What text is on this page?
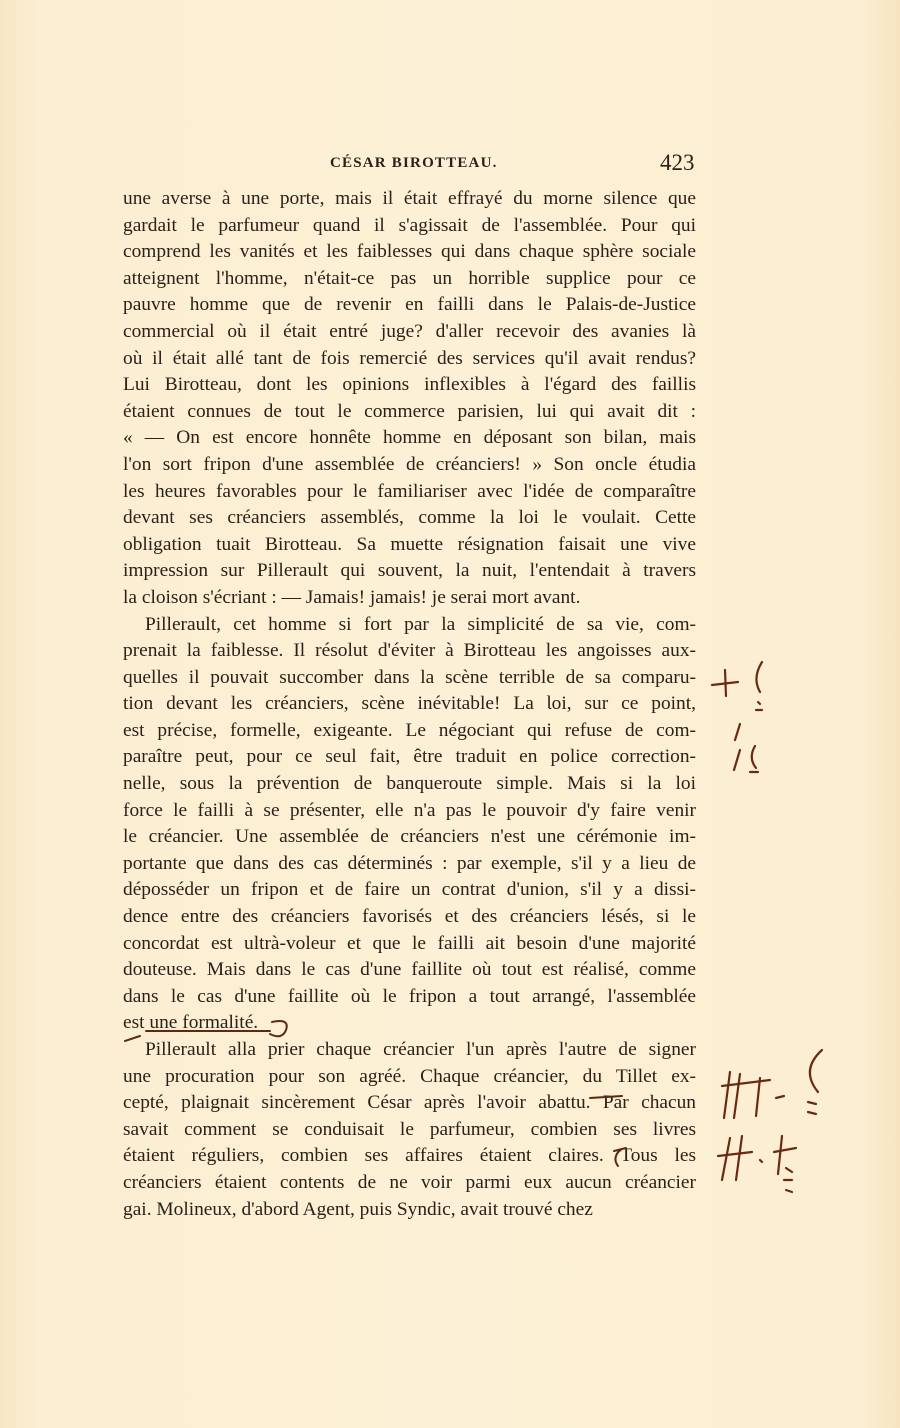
CÉSAR BIROTTEAU.	423
une averse à une porte, mais il était effrayé du morne silence que
gardait le parfumeur quand il s'agissait de l'assemblée. Pour qui
comprend les vanités et les faiblesses qui dans chaque sphère sociale
atteignent l'homme, n'était-ce pas un horrible supplice pour ce
pauvre homme que de revenir en failli dans le Palais-de-Justice
commercial où il était entré juge? d'aller recevoir des avanies là
où il était allé tant de fois remercié des services qu'il avait rendus?
Lui Birotteau, dont les opinions inflexibles à l'égard des faillis
étaient connues de tout le commerce parisien, lui qui avait dit :
« — On est encore honnête homme en déposant son bilan, mais
l'on sort fripon d'une assemblée de créanciers! » Son oncle étudia
les heures favorables pour le familiariser avec l'idée de comparaître
devant ses créanciers assemblés, comme la loi le voulait. Cette
obligation tuait Birotteau. Sa muette résignation faisait une vive
impression sur Pillerault qui souvent, la nuit, l'entendait à travers
la cloison s'écriant : — Jamais! jamais! je serai mort avant.
Pillerault, cet homme si fort par la simplicité de sa vie, com-
prenait la faiblesse. Il résolut d'éviter à Birotteau les angoisses aux-
quelles il pouvait succomber dans la scène terrible de sa comparu-
tion devant les créanciers, scène inévitable! La Ɩoi, sur ce point,
est précise, formelle, exigeante. Le négociant qui refuse de com-
paraître peut, pour ce seul fait, être traduit en police correction-
nelle, sous la prévention de banqueroute simple. Mais si la loi
force le failli à se présenter, elle n'a pas le pouvoir d'y faire venir
le créancier. Une assemblée de créanciers n'est une cérémonie im-
portante que dans des cas déterminés : par exemple, s'il y a lieu de
déposséder un fripon et de faire un contrat d'union, s'il y a dissi-
dence entre des créanciers favorisés et des créanciers lésés, si le
concordat est ultrà-voleur et que le failli ait besoin d'une majorité
douteuse. Mais dans le cas d'une faillite où tout est réalisé, comme
dans le cas d'une faillite où le fripon a tout arrangé, l'assemblée
est une formalité.
Pillerault alla prier chaque créancier l'un après l'autre de signer
une procuration pour son agréé. Chaque créancier, du Tillet ex-
cepté, plaignait sincèrement César après l'avoir abattu. Par chacun
savait comment se conduisait le parfumeur, combien ses livres
étaient réguliers, combien ses affaires étaient claires. Tous les
créanciers étaient contents de ne voir parmi eux aucun créancier
gai. Molineux, d'abord Agent, puis Syndic, avait trouvé chez
